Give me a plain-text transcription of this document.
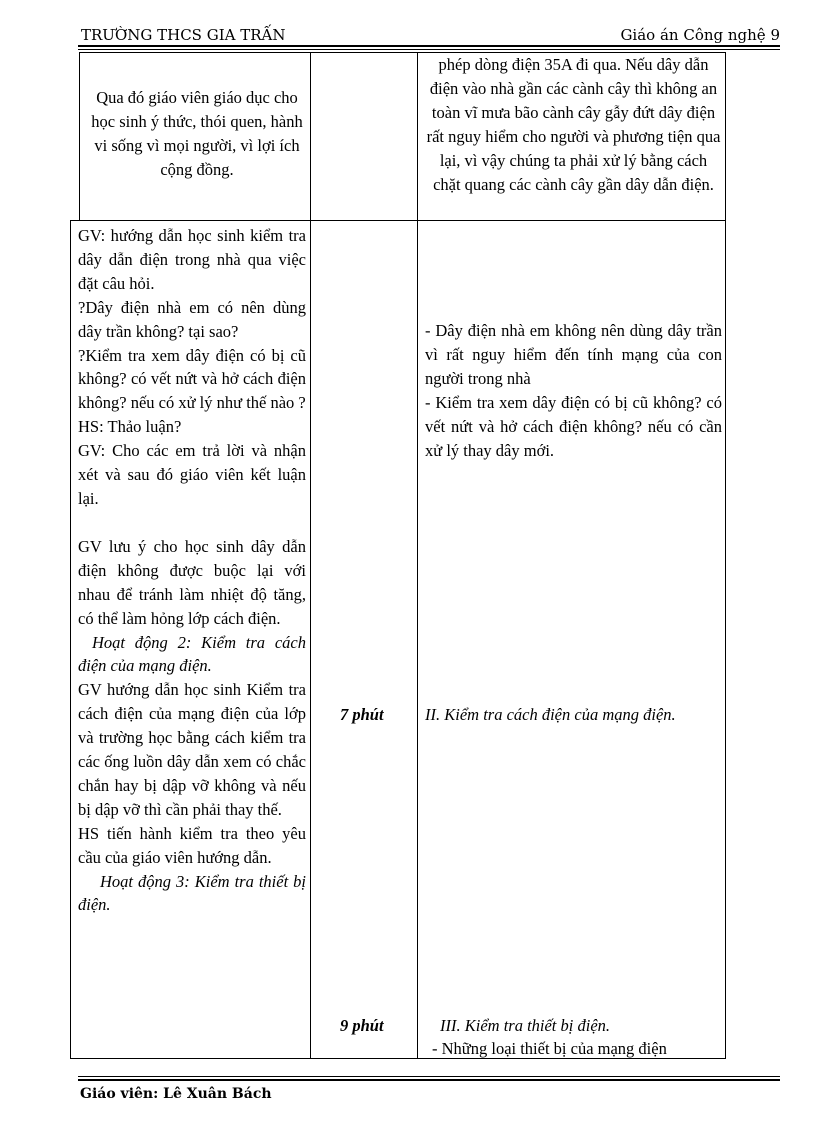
TRƯỜNG THCS GIA TRẤN	Giáo án Công nghệ 9
Qua đó giáo viên giáo dục cho học sinh ý thức, thói quen, hành vi sống vì mọi người, vì lợi ích cộng đồng.
phép dòng điện 35A đi qua. Nếu dây dẫn điện vào nhà gần các cành cây thì không an toàn vĩ mưa bão cành cây gẫy đứt dây điện rất nguy hiểm cho người và phương tiện qua lại, vì vậy chúng ta phải xử lý bằng cách chặt quang các cành cây gần dây dẫn điện.

GV: hướng dẫn học sinh kiểm tra dây dẫn điện trong nhà qua việc đặt câu hỏi.

?Dây điện nhà em có nên dùng dây trần không? tại sao?

?Kiểm tra xem dây điện có bị cũ không? có vết nứt và hở cách điện không? nếu có xử lý như thế nào ?

HS: Thảo luận?

GV: Cho các em trả lời và nhận xét và sau đó giáo viên kết luận lại.

GV lưu ý cho học sinh dây dẫn điện không được buộc lại với nhau để tránh làm nhiệt độ tăng, có thể làm hỏng lớp cách điện.

Hoạt động 2: Kiểm tra cách điện của mạng điện.

GV hướng dẫn học sinh Kiểm tra cách điện của mạng điện của lớp và trường học bằng cách kiểm tra các ống luồn dây dẫn xem có chắc chắn hay bị dập vỡ không và nếu bị dập vỡ thì cần phải thay thế.

HS tiến hành kiểm tra theo yêu cầu của giáo viên hướng dẫn.

Hoạt động 3: Kiểm tra thiết bị điện.

7 phút
9 phút

- Dây điện nhà em không nên dùng dây trần vì rất nguy hiểm đến tính mạng của con người trong nhà

- Kiểm tra xem dây điện có bị cũ không? có vết nứt và hở cách điện không? nếu có cần xử lý thay dây mới.

II. Kiểm tra cách điện của mạng điện.
III. Kiểm tra thiết bị điện.
- Những loại thiết bị của mạng điện
Giáo viên: Lê Xuân Bách
